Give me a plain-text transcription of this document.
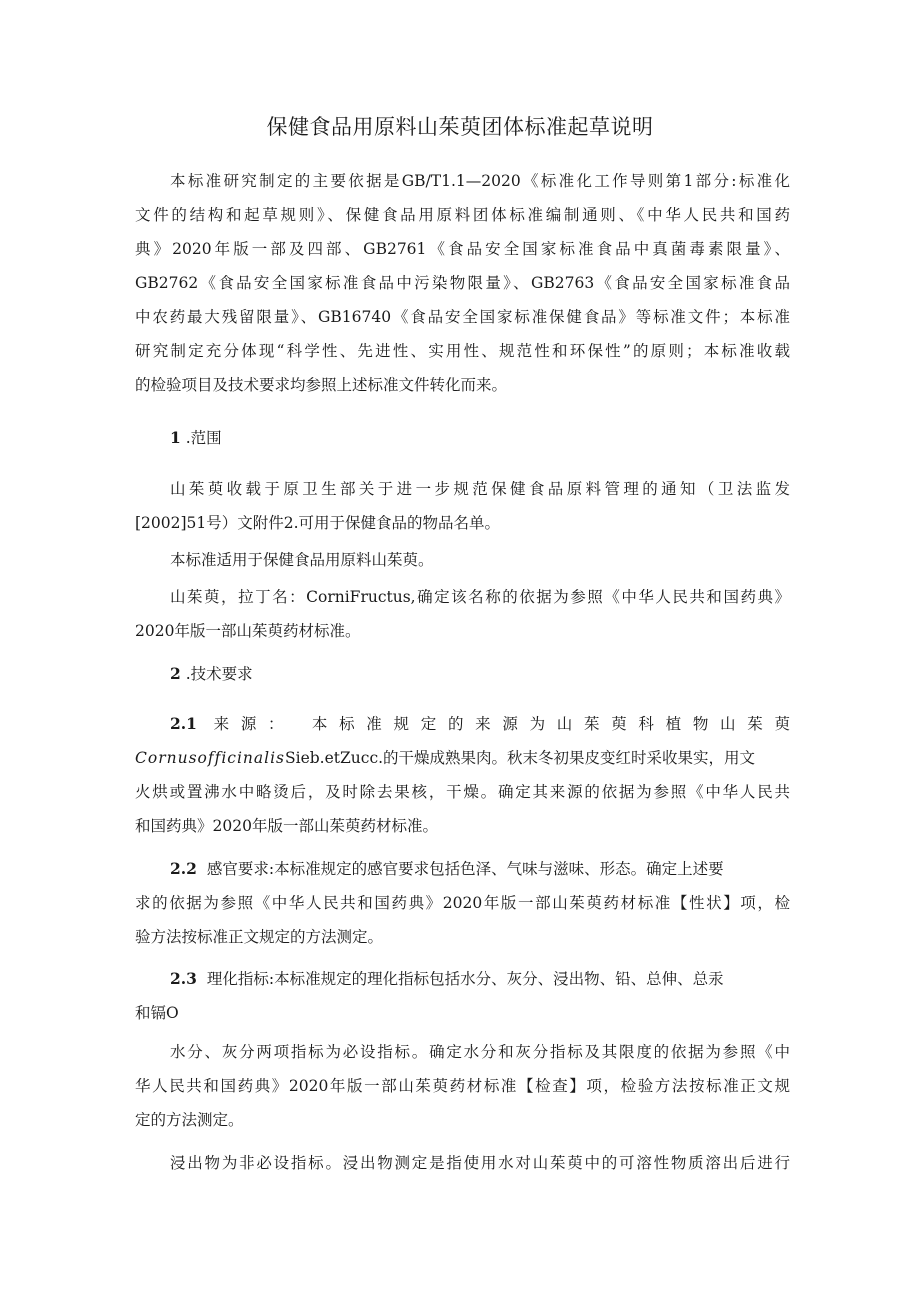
保健食品用原料山茱萸团体标准起草说明
本标准研究制定的主要依据是GB/T1.1—2020《标准化工作导则第1部分:标准化
文件的结构和起草规则》、保健食品用原料团体标准编制通则、《中华人民共和国药
典》2020年版一部及四部、GB2761《食品安全国家标准食品中真菌毒素限量》、
GB2762《食品安全国家标准食品中污染物限量》、GB2763《食品安全国家标准食品
中农药最大残留限量》、GB16740《食品安全国家标准保健食品》等标准文件；本标准
研究制定充分体现“科学性、先进性、实用性、规范性和环保性”的原则；本标准收载
的检验项目及技术要求均参照上述标准文件转化而来。
1 .范围
山茱萸收载于原卫生部关于进一步规范保健食品原料管理的通知（卫法监发
[2002]51号）文附件2.可用于保健食品的物品名单。
本标准适用于保健食品用原料山茱萸。
山茱萸，拉丁名：CorniFructus,确定该名称的依据为参照《中华人民共和国药典》
2020年版一部山茱萸药材标准。
2 .技术要求
2.1 来源： 本标准规定的来源为山茱萸科植物山茱萸
CornusofficinalisSieb.etZucc.的干燥成熟果肉。秋末冬初果皮变红时采收果实，用文
火烘或置沸水中略烫后，及时除去果核，干燥。确定其来源的依据为参照《中华人民共
和国药典》2020年版一部山茱萸药材标准。
2.2 感官要求:本标准规定的感官要求包括色泽、气味与滋味、形态。确定上述要
求的依据为参照《中华人民共和国药典》2020年版一部山茱萸药材标准【性状】项，检
验方法按标准正文规定的方法测定。
2.3 理化指标:本标准规定的理化指标包括水分、灰分、浸出物、铅、总伸、总汞
和镉O
水分、灰分两项指标为必设指标。确定水分和灰分指标及其限度的依据为参照《中
华人民共和国药典》2020年版一部山茱萸药材标准【检查】项，检验方法按标准正文规
定的方法测定。
浸出物为非必设指标。浸出物测定是指使用水对山茱萸中的可溶性物质溶出后进行
